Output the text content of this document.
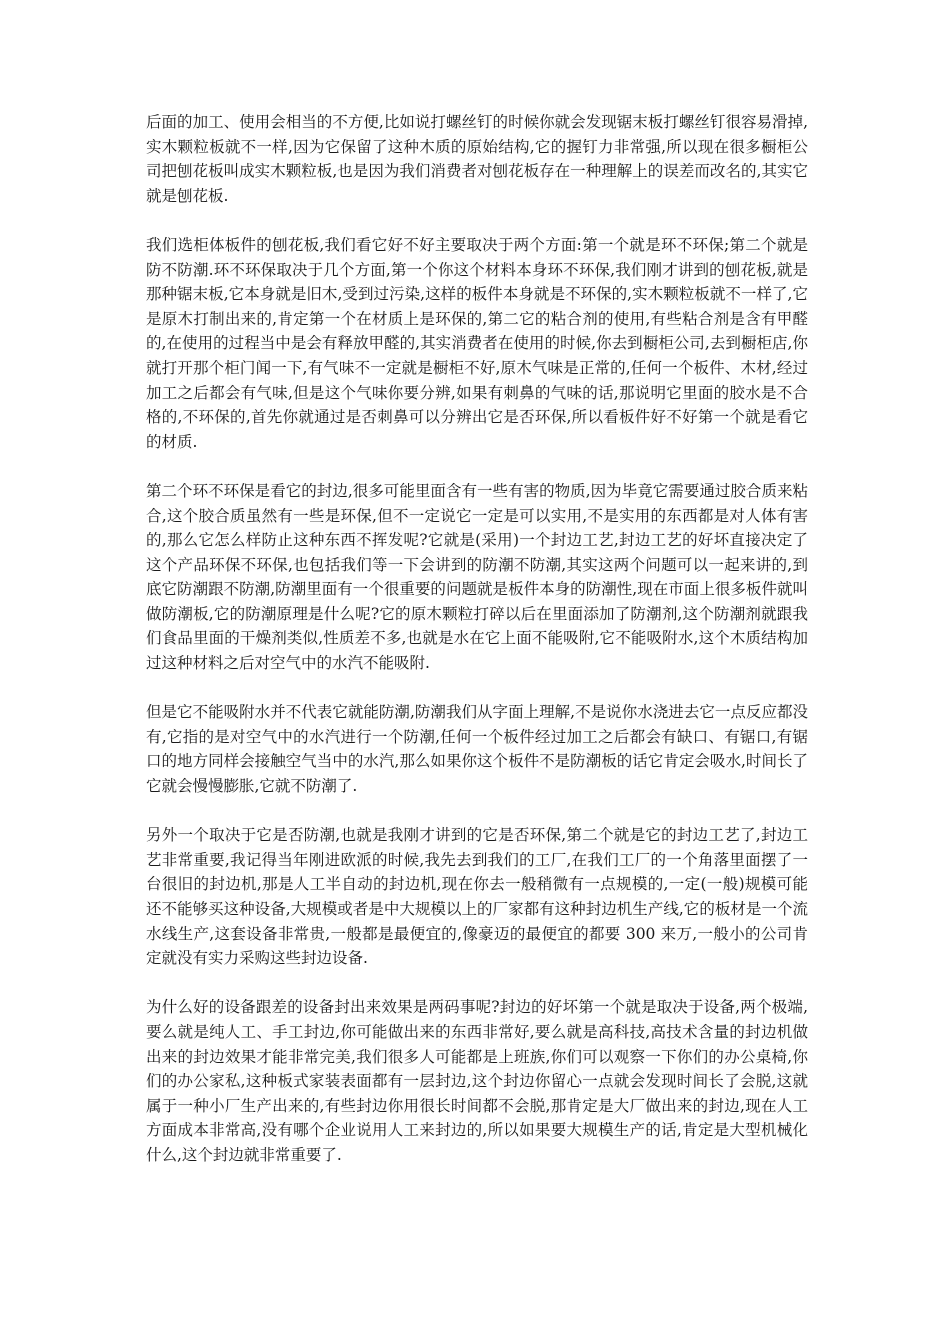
后面的加工、使用会相当的不方便,比如说打螺丝钉的时候你就会发现锯末板打螺丝钉很容易滑掉,实木颗粒板就不一样,因为它保留了这种木质的原始结构,它的握钉力非常强,所以现在很多橱柜公司把刨花板叫成实木颗粒板,也是因为我们消费者对刨花板存在一种理解上的误差而改名的,其实它就是刨花板.

我们选柜体板件的刨花板,我们看它好不好主要取决于两个方面:第一个就是环不环保;第二个就是防不防潮.环不环保取决于几个方面,第一个你这个材料本身环不环保,我们刚才讲到的刨花板,就是那种锯末板,它本身就是旧木,受到过污染,这样的板件本身就是不环保的,实木颗粒板就不一样了,它是原木打制出来的,肯定第一个在材质上是环保的,第二它的粘合剂的使用,有些粘合剂是含有甲醛的,在使用的过程当中是会有释放甲醛的,其实消费者在使用的时候,你去到橱柜公司,去到橱柜店,你就打开那个柜门闻一下,有气味不一定就是橱柜不好,原木气味是正常的,任何一个板件、木材,经过加工之后都会有气味,但是这个气味你要分辨,如果有刺鼻的气味的话,那说明它里面的胶水是不合格的,不环保的,首先你就通过是否刺鼻可以分辨出它是否环保,所以看板件好不好第一个就是看它的材质.

第二个环不环保是看它的封边,很多可能里面含有一些有害的物质,因为毕竟它需要通过胶合质来粘合,这个胶合质虽然有一些是环保,但不一定说它一定是可以实用,不是实用的东西都是对人体有害的,那么它怎么样防止这种东西不挥发呢?它就是(采用)一个封边工艺,封边工艺的好坏直接决定了这个产品环保不环保,也包括我们等一下会讲到的防潮不防潮,其实这两个问题可以一起来讲的,到底它防潮跟不防潮,防潮里面有一个很重要的问题就是板件本身的防潮性,现在市面上很多板件就叫做防潮板,它的防潮原理是什么呢?它的原木颗粒打碎以后在里面添加了防潮剂,这个防潮剂就跟我们食品里面的干燥剂类似,性质差不多,也就是水在它上面不能吸附,它不能吸附水,这个木质结构加过这种材料之后对空气中的水汽不能吸附.

但是它不能吸附水并不代表它就能防潮,防潮我们从字面上理解,不是说你水浇进去它一点反应都没有,它指的是对空气中的水汽进行一个防潮,任何一个板件经过加工之后都会有缺口、有锯口,有锯口的地方同样会接触空气当中的水汽,那么如果你这个板件不是防潮板的话它肯定会吸水,时间长了它就会慢慢膨胀,它就不防潮了.

另外一个取决于它是否防潮,也就是我刚才讲到的它是否环保,第二个就是它的封边工艺了,封边工艺非常重要,我记得当年刚进欧派的时候,我先去到我们的工厂,在我们工厂的一个角落里面摆了一台很旧的封边机,那是人工半自动的封边机,现在你去一般稍微有一点规模的,一定(一般)规模可能还不能够买这种设备,大规模或者是中大规模以上的厂家都有这种封边机生产线,它的板材是一个流水线生产,这套设备非常贵,一般都是最便宜的,像豪迈的最便宜的都要 300 来万,一般小的公司肯定就没有实力采购这些封边设备.

为什么好的设备跟差的设备封出来效果是两码事呢?封边的好坏第一个就是取决于设备,两个极端,要么就是纯人工、手工封边,你可能做出来的东西非常好,要么就是高科技,高技术含量的封边机做出来的封边效果才能非常完美,我们很多人可能都是上班族,你们可以观察一下你们的办公桌椅,你们的办公家私,这种板式家装表面都有一层封边,这个封边你留心一点就会发现时间长了会脱,这就属于一种小厂生产出来的,有些封边你用很长时间都不会脱,那肯定是大厂做出来的封边,现在人工方面成本非常高,没有哪个企业说用人工来封边的,所以如果要大规模生产的话,肯定是大型机械化什么,这个封边就非常重要了.
